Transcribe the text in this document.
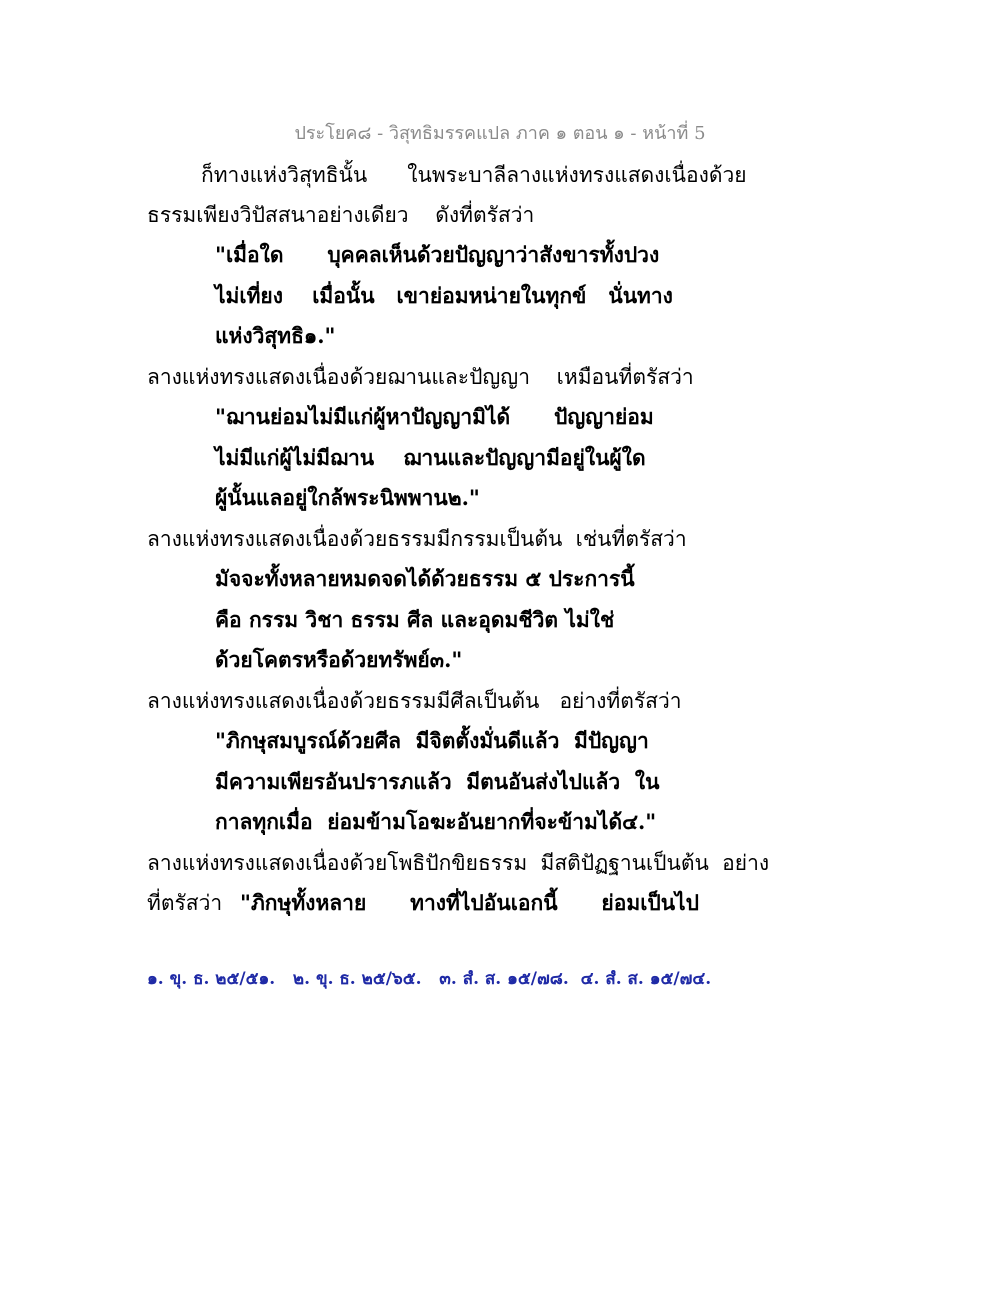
ประโยค๘ - วิสุทธิมรรคแปล ภาค ๑ ตอน ๑ - หน้าที่ 5
ก็ทางแห่งวิสุทธินั้น      ในพระบาลีลางแห่งทรงแสดงเนื่องด้วย
ธรรมเพียงวิปัสสนาอย่างเดียว    ดังที่ตรัสว่า
"เมื่อใด      บุคคลเห็นด้วยปัญญาว่าสังขารทั้งปวง
ไม่เที่ยง    เมื่อนั้น   เขาย่อมหน่ายในทุกข์   นั่นทาง
แห่งวิสุทธิ๑."
ลางแห่งทรงแสดงเนื่องด้วยฌานและปัญญา    เหมือนที่ตรัสว่า
"ฌานย่อมไม่มีแก่ผู้หาปัญญามิได้      ปัญญาย่อม
ไม่มีแก่ผู้ไม่มีฌาน    ฌานและปัญญามีอยู่ในผู้ใด
ผู้นั้นแลอยู่ใกล้พระนิพพาน๒."
ลางแห่งทรงแสดงเนื่องด้วยธรรมมีกรรมเป็นต้น  เช่นที่ตรัสว่า
มัจจะทั้งหลายหมดจดได้ด้วยธรรม ๕ ประการนี้
คือ กรรม วิชา ธรรม ศีล และอุดมชีวิต ไม่ใช่
ด้วยโคตรหรือด้วยทรัพย์๓."
ลางแห่งทรงแสดงเนื่องด้วยธรรมมีศีลเป็นต้น   อย่างที่ตรัสว่า
"ภิกษุสมบูรณ์ด้วยศีล  มีจิตตั้งมั่นดีแล้ว  มีปัญญา
มีความเพียรอันปรารภแล้ว  มีตนอันส่งไปแล้ว  ใน
กาลทุกเมื่อ  ย่อมข้ามโอฆะอันยากที่จะข้ามได้๔."
ลางแห่งทรงแสดงเนื่องด้วยโพธิปักขิยธรรม  มีสติปัฏฐานเป็นต้น  อย่าง
ที่ตรัสว่า "ภิกษุทั้งหลาย      ทางที่ไปอันเอกนี้      ย่อมเป็นไป
๑. ขุ. ธ. ๒๕/๕๑.   ๒. ขุ. ธ. ๒๕/๖๕.   ๓. สํ. ส. ๑๕/๗๘.  ๔. สํ. ส. ๑๕/๗๔.
